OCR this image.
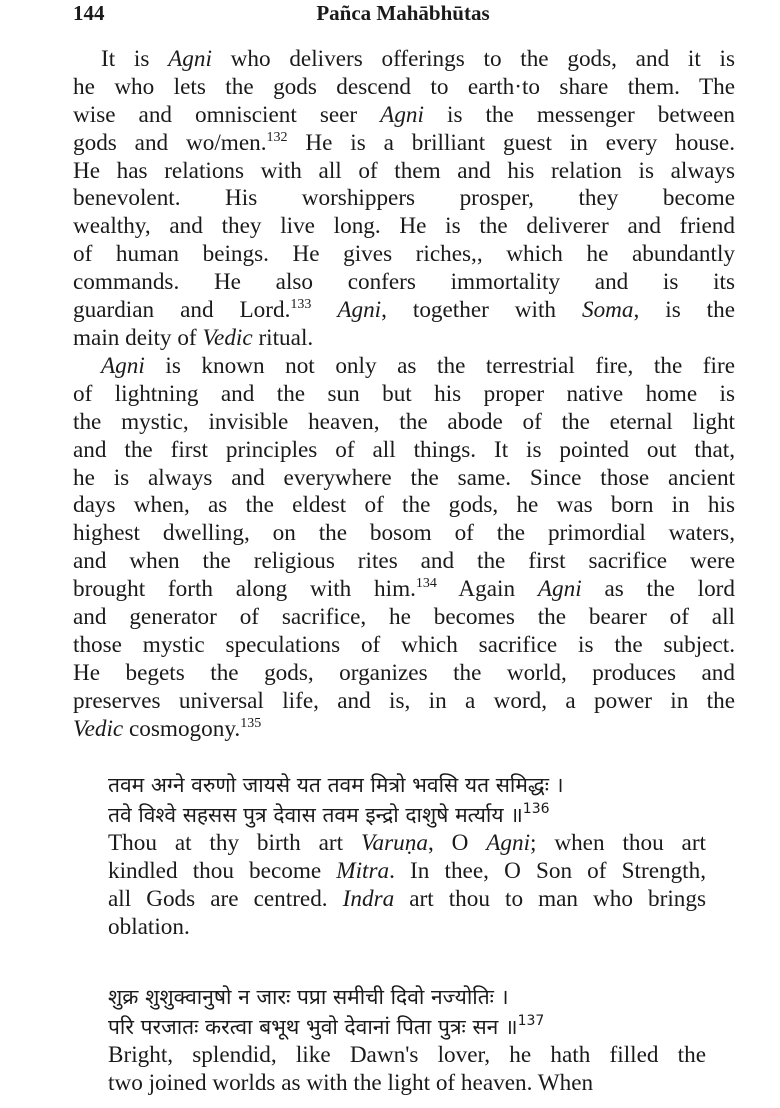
144	Pañca Mahābhūtas
It is Agni who delivers offerings to the gods, and it is
he who lets the gods descend to earth·to share them. The
wise and omniscient seer Agni is the messenger between
gods and wo/men.$^{132}$ He is a brilliant guest in every house.
He has relations with all of them and his relation is always
benevolent. His worshippers prosper, they become
wealthy, and they live long. He is the deliverer and friend
of human beings. He gives riches,, which he abundantly
commands. He also confers immortality and is its
guardian and Lord.$^{133}$ Agni, together with Soma, is the
main deity of Vedic ritual.
Agni is known not only as the terrestrial fire, the fire
of lightning and the sun but his proper native home is
the mystic, invisible heaven, the abode of the eternal light
and the first principles of all things. It is pointed out that,
he is always and everywhere the same. Since those ancient
days when, as the eldest of the gods, he was born in his
highest dwelling, on the bosom of the primordial waters,
and when the religious rites and the first sacrifice were
brought forth along with him.$^{134}$ Again Agni as the lord
and generator of sacrifice, he becomes the bearer of all
those mystic speculations of which sacrifice is the subject.
He begets the gods, organizes the world, produces and
preserves universal life, and is, in a word, a power in the
Vedic cosmogony.$^{135}$
तवम अग्ने वरुणो जायसे यत तवम मित्रो भवसि यत समिद्धः ।
तवे विश्वे सहसस पुत्र देवास तवम इन्द्रो दाशुषे मर्त्याय ॥$^{136}$
Thou at thy birth art Varuṇa, O Agni; when thou art
kindled thou become Mitra. In thee, O Son of Strength,
all Gods are centred. Indra art thou to man who brings
oblation.
शुक्र शुशुक्वानुषो न जारः पप्रा समीची दिवो नज्योतिः ।
परि परजातः करत्वा बभूथ भुवो देवानां पिता पुत्रः सन ॥$^{137}$
Bright, splendid, like Dawn's lover, he hath filled the
two joined worlds as with the light of heaven. When
